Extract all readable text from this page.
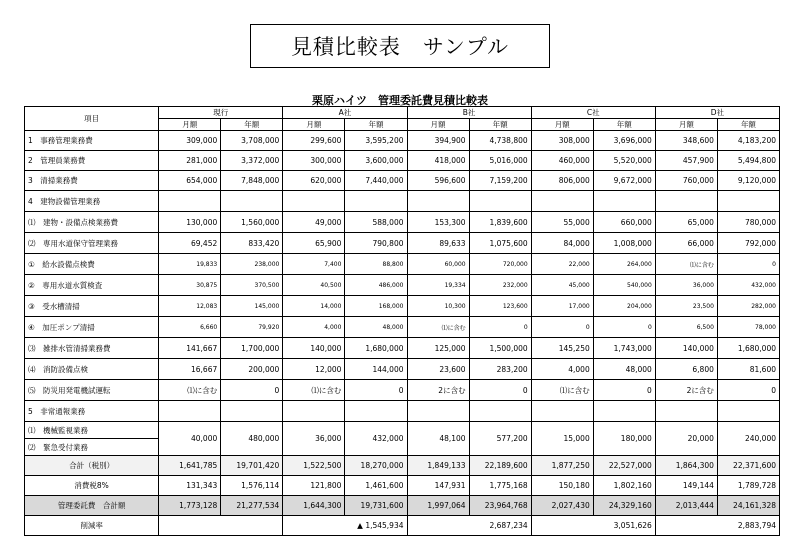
見積比較表　サンプル
栗原ハイツ　管理委託費見積比較表
項目	現行		A社		B社		C社		D社	
	月額	年額	月額	年額	月額	年額	月額	年額	月額	年額
1　事務管理業務費	309,000	3,708,000	299,600	3,595,200	394,900	4,738,800	308,000	3,696,000	348,600	4,183,200
2　管理員業務費	281,000	3,372,000	300,000	3,600,000	418,000	5,016,000	460,000	5,520,000	457,900	5,494,800
3　清掃業務費	654,000	7,848,000	620,000	7,440,000	596,600	7,159,200	806,000	9,672,000	760,000	9,120,000
4　建物設備管理業務										
⑴　建物・設備点検業務費	130,000	1,560,000	49,000	588,000	153,300	1,839,600	55,000	660,000	65,000	780,000
⑵　専用水道保守管理業務	69,452	833,420	65,900	790,800	89,633	1,075,600	84,000	1,008,000	66,000	792,000
①　給水設備点検費	19,833	238,000	7,400	88,800	60,000	720,000	22,000	264,000	⑴に含む	0
②　専用水道水質検査	30,875	370,500	40,500	486,000	19,334	232,000	45,000	540,000	36,000	432,000
③　受水槽清掃	12,083	145,000	14,000	168,000	10,300	123,600	17,000	204,000	23,500	282,000
④　加圧ポンプ清掃	6,660	79,920	4,000	48,000	⑴に含む	0	0	0	6,500	78,000
⑶　雑排水管清掃業務費	141,667	1,700,000	140,000	1,680,000	125,000	1,500,000	145,250	1,743,000	140,000	1,680,000
⑷　消防設備点検	16,667	200,000	12,000	144,000	23,600	283,200	4,000	48,000	6,800	81,600
⑸　防災用発電機試運転	⑴に含む	0	⑴に含む	0	2に含む	0	⑴に含む	0	2に含む	0
5　非常通報業務										
⑴　機械監視業務	40,000	480,000	36,000	432,000	48,100	577,200	15,000	180,000	20,000	240,000
⑵　緊急受付業務										
合計（税別）	1,641,785	19,701,420	1,522,500	18,270,000	1,849,133	22,189,600	1,877,250	22,527,000	1,864,300	22,371,600
消費税8%	131,343	1,576,114	121,800	1,461,600	147,931	1,775,168	150,180	1,802,160	149,144	1,789,728
管理委託費　合計額	1,773,128	21,277,534	1,644,300	19,731,600	1,997,064	23,964,768	2,027,430	24,329,160	2,013,444	24,161,328
削減率			▲ 1,545,934		2,687,234		3,051,626		2,883,794	
